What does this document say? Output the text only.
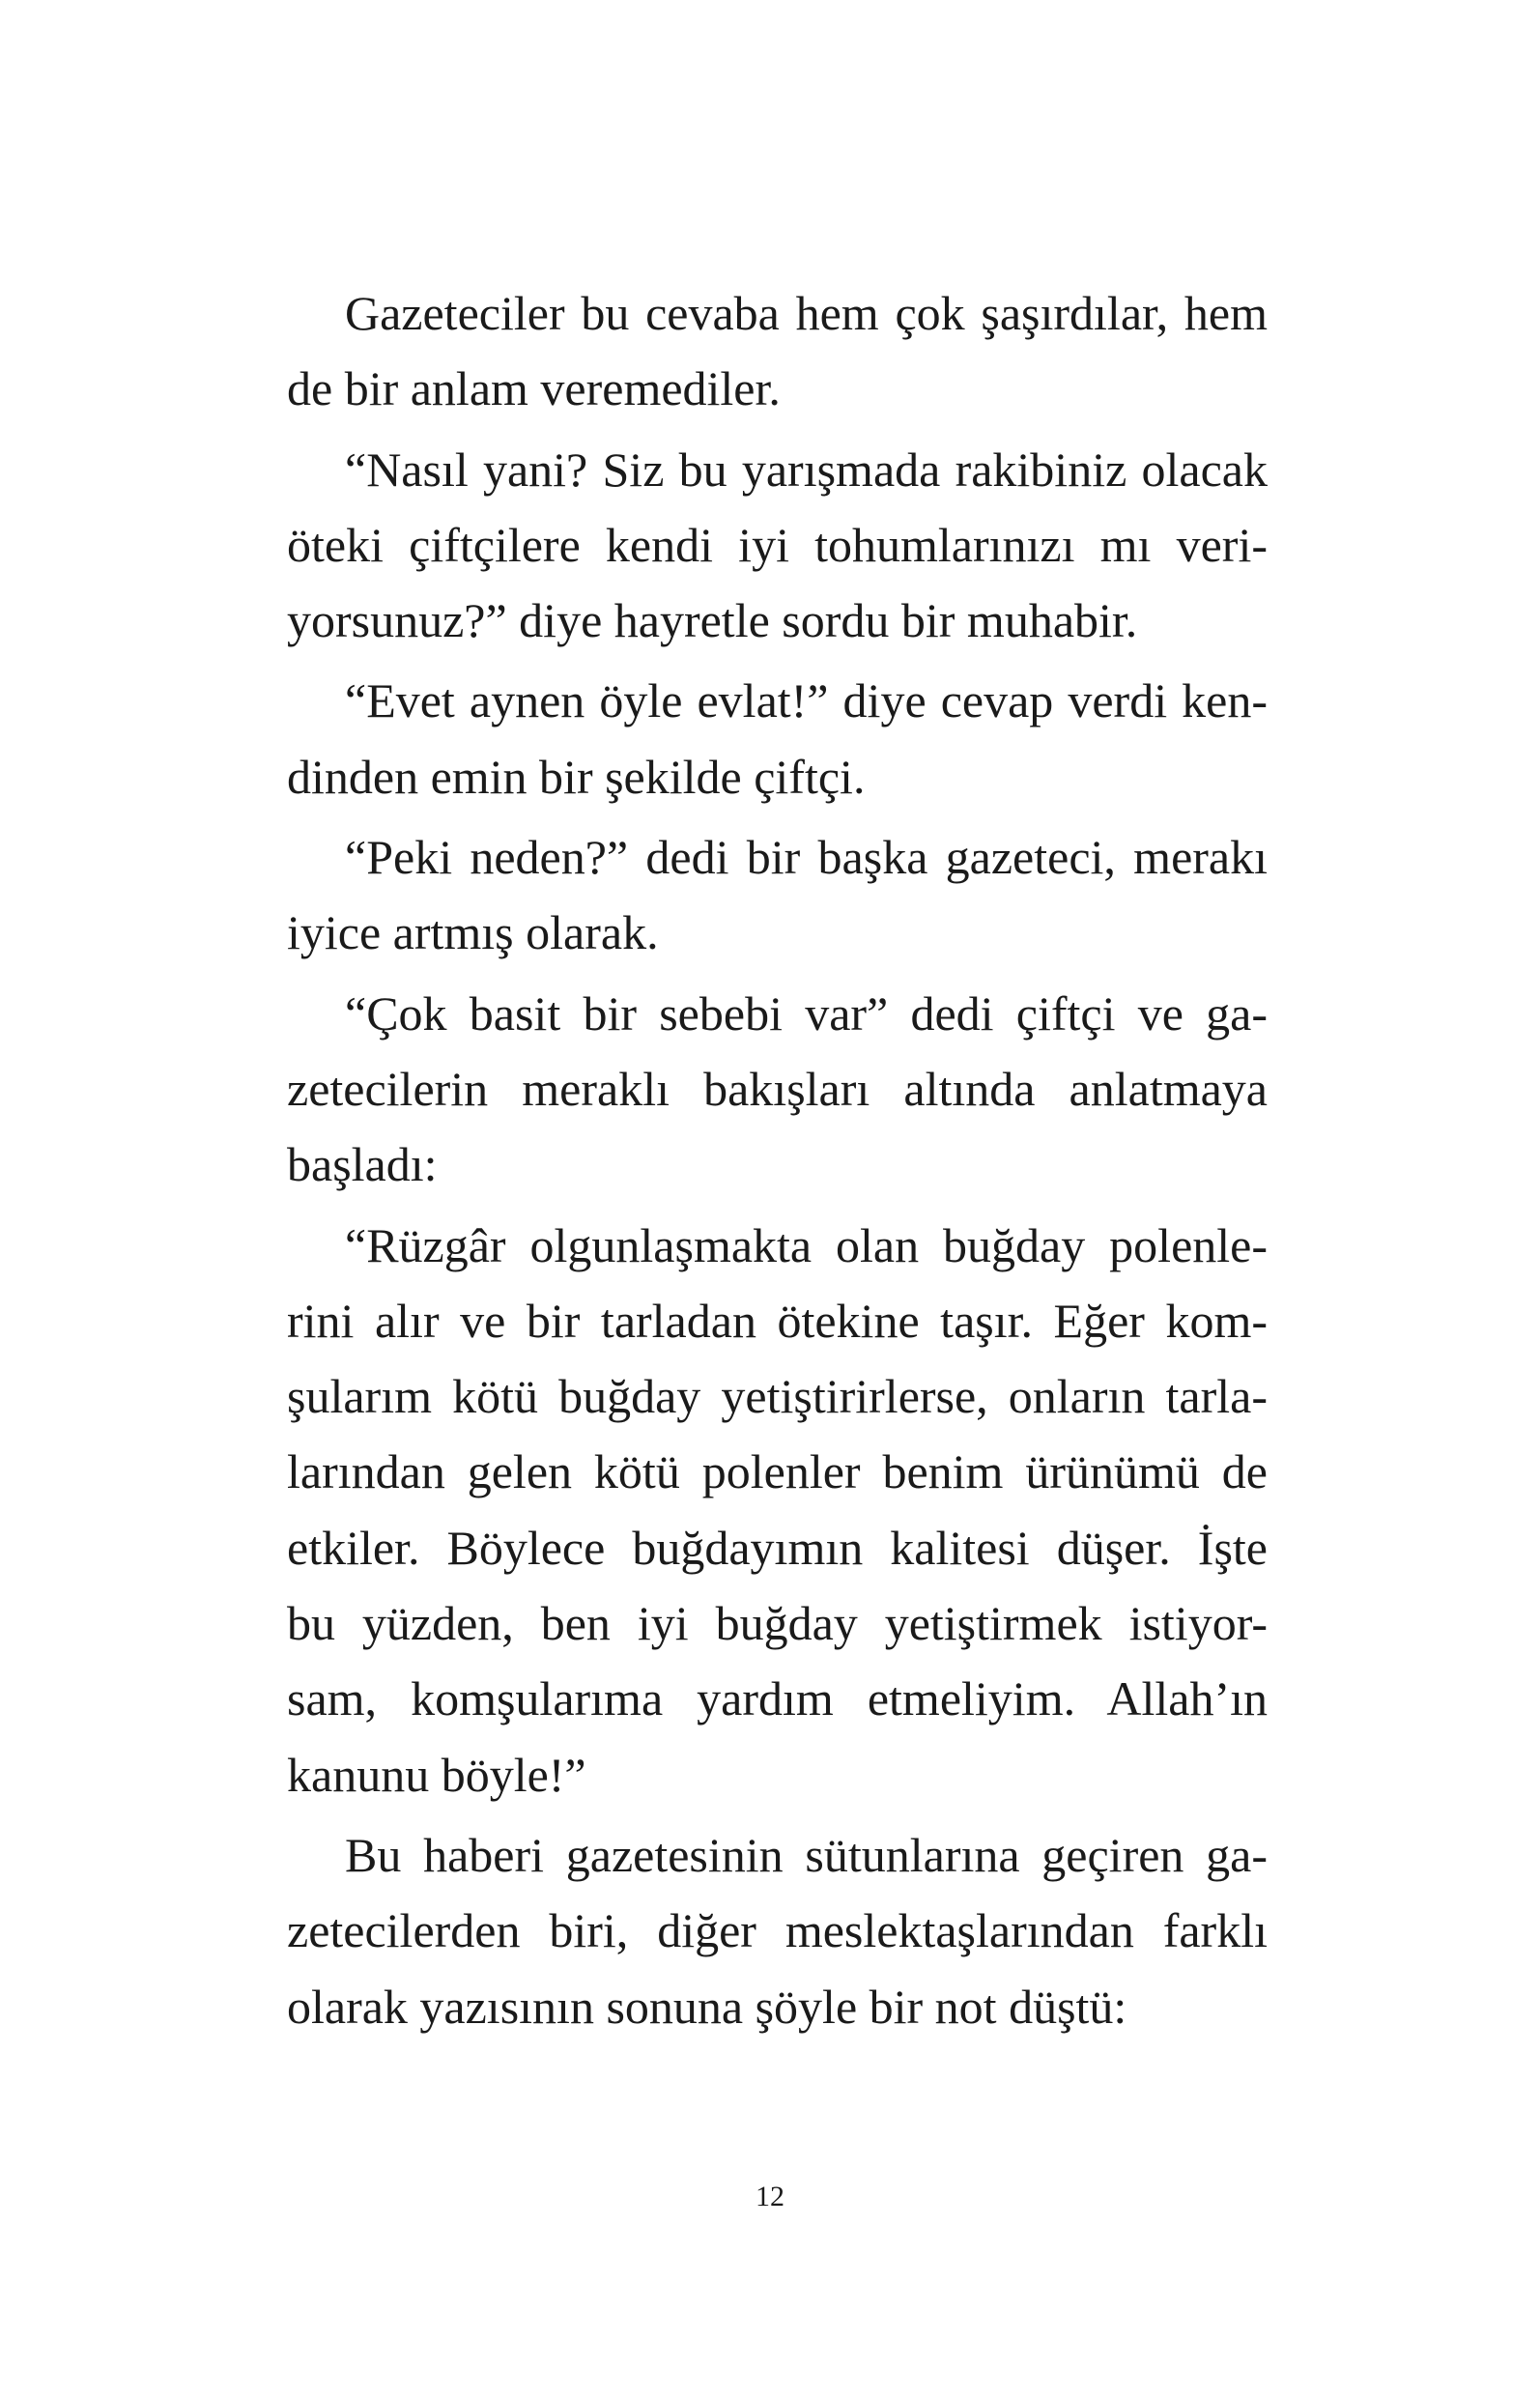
Gazeteciler bu cevaba hem çok şaşırdılar, hem
de bir anlam veremediler.
“Nasıl yani? Siz bu yarışmada rakibiniz olacak
öteki çiftçilere kendi iyi tohumlarınızı mı veri-
yorsunuz?” diye hayretle sordu bir muhabir.
“Evet aynen öyle evlat!” diye cevap verdi ken-
dinden emin bir şekilde çiftçi.
“Peki neden?” dedi bir başka gazeteci, merakı
iyice artmış olarak.
“Çok basit bir sebebi var” dedi çiftçi ve ga-
zetecilerin meraklı bakışları altında anlatmaya
başladı:
“Rüzgâr olgunlaşmakta olan buğday polenle-
rini alır ve bir tarladan ötekine taşır. Eğer kom-
şularım kötü buğday yetiştirirlerse, onların tarla-
larından gelen kötü polenler benim ürünümü de
etkiler. Böylece buğdayımın kalitesi düşer. İşte
bu yüzden, ben iyi buğday yetiştirmek istiyor-
sam, komşularıma yardım etmeliyim. Allah’ın
kanunu böyle!”
Bu haberi gazetesinin sütunlarına geçiren ga-
zetecilerden biri, diğer meslektaşlarından farklı
olarak yazısının sonuna şöyle bir not düştü:
12
